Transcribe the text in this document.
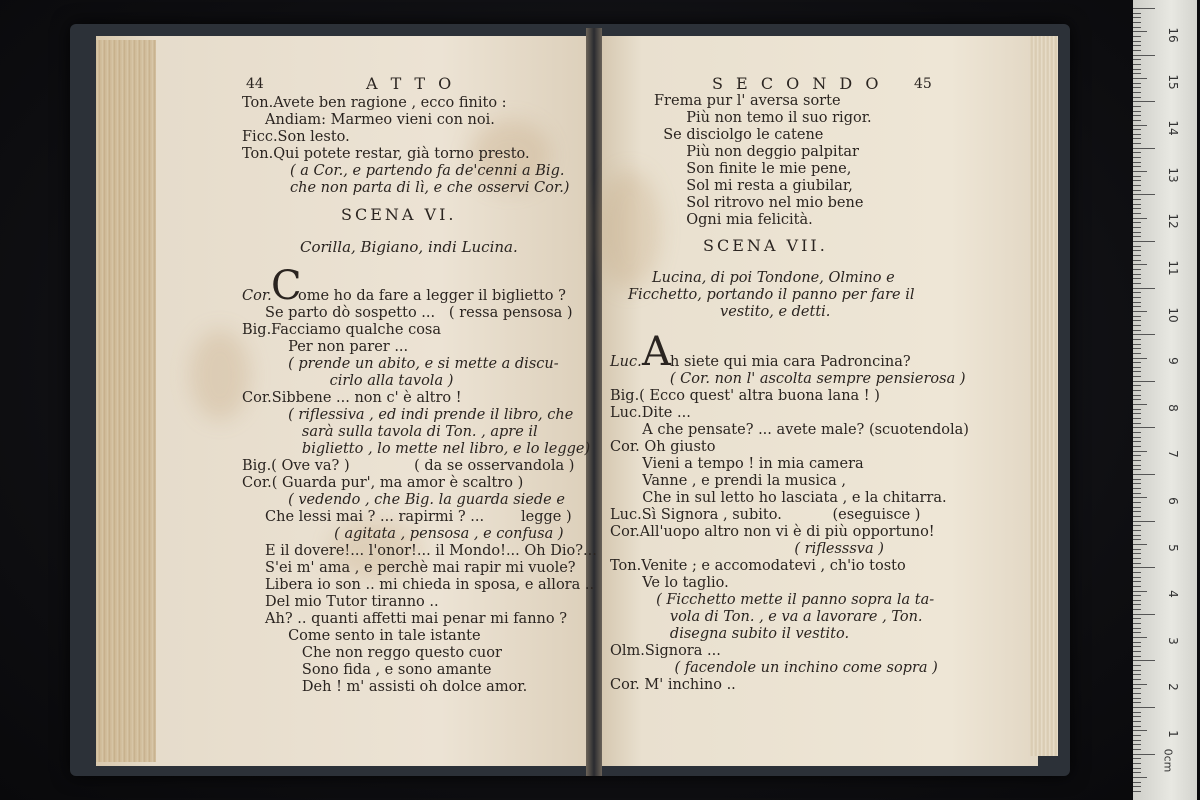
44	A T T O
Ton.Avete ben ragione , ecco finito :
Andiam: Marmeo vieni con noi.
Ficc.Son lesto.
Ton.Qui potete restar, già torno presto.
( a Cor., e partendo fa de'cenni a Big.
che non parta di lì, e che osservi Cor.)
SCENA VI.
Corilla, Bigiano, indi Lucina.
Cor. C
ome ho da fare a legger il biglietto ?
Se parto dò sospetto ...   ( ressa pensosa )
Big.Facciamo qualche cosa
Per non parer ...
( prende un abito, e si mette a discu-
cirlo alla tavola )
Cor.Sibbene ... non c' è altro !
( riflessiva , ed indi prende il libro, che
sarà sulla tavola di Ton. , apre il
biglietto , lo mette nel libro, e lo legge)
Big.( Ove va? )              ( da se osservandola )
Cor.( Guarda pur', ma amor è scaltro )
( vedendo , che Big. la guarda siede e
Che lessi mai ? ... rapirmi ? ...        legge )
( agitata , pensosa , e confusa )
E il dovere!... l'onor!... il Mondo!... Oh Dio?...
S'ei m' ama , e perchè mai rapir mi vuole?
Libera io son .. mi chieda in sposa, e allora ..
Del mio Tutor tiranno ..
Ah? .. quanti affetti mai penar mi fanno ?
Come sento in tale istante
Che non reggo questo cuor
Sono fida , e sono amante
Deh ! m' assisti oh dolce amor.
S E C O N D O 45
Frema pur l' aversa sorte
Più non temo il suo rigor.
Se disciolgo le catene
Più non deggio palpitar
Son finite le mie pene,
Sol mi resta a giubilar,
Sol ritrovo nel mio bene
Ogni mia felicità.
SCENA VII.
Lucina, di poi Tondone, Olmino e
Ficchetto, portando il panno per fare il
vestito, e detti.
Luc. A h siete qui mia cara Padroncina?
( Cor. non l' ascolta sempre pensierosa )
Big.( Ecco quest' altra buona lana ! )
Luc.Dite ...
A che pensate? ... avete male? (scuotendola)
Cor. Oh giusto
Vieni a tempo ! in mia camera
Vanne , e prendi la musica ,
Che in sul letto ho lasciata , e la chitarra.
Luc.Sì Signora , subito.           (eseguisce )
Cor.All'uopo altro non vi è di più opportuno!
( riflesssva )
Ton.Venite ; e accomodatevi , ch'io tosto
Ve lo taglio.
( Ficchetto mette il panno sopra la ta-
vola di Ton. , e va a lavorare , Ton.
disegna subito il vestito.
Olm.Signora ...
( facendole un inchino come sopra )
Cor. M' inchino ..
16
15
14
13
12
11
10
9
8
7
6
5
4
3
2
1
0cm
